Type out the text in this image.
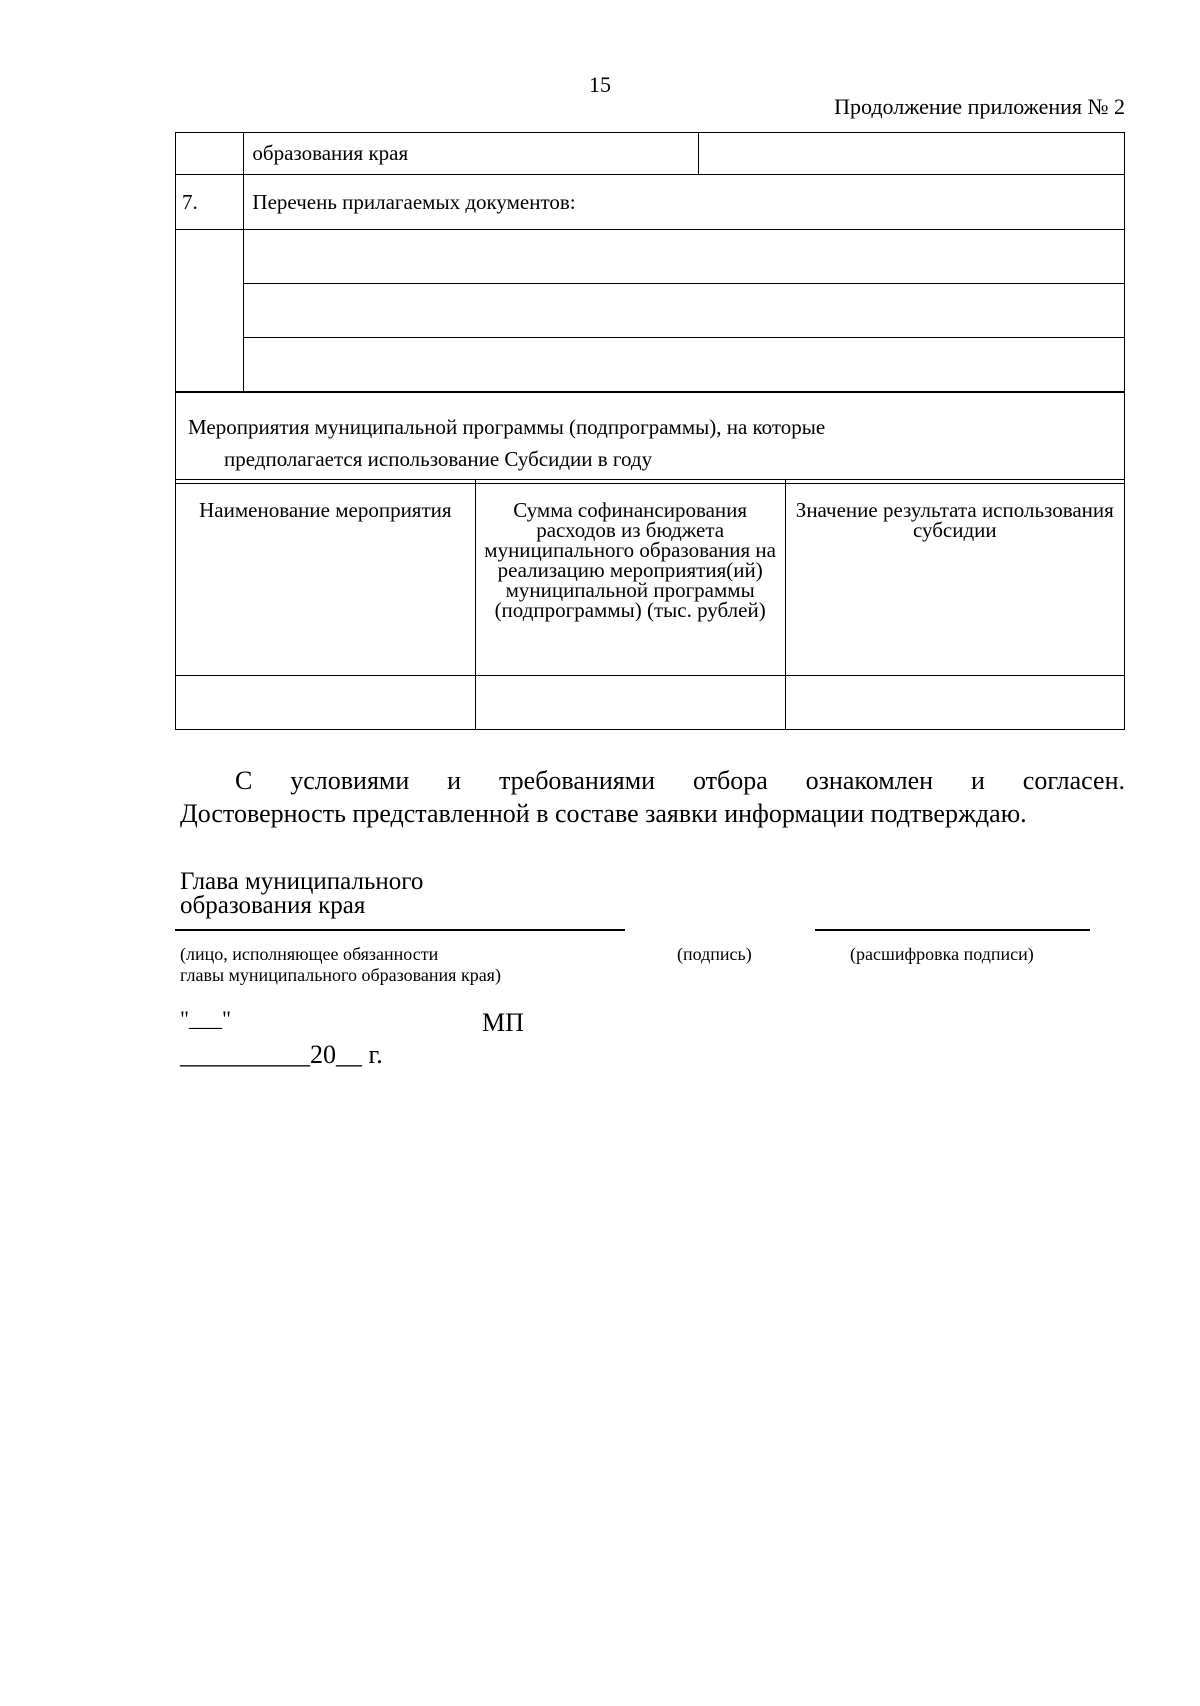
15
Продолжение приложения № 2
	образования края	
7.	Перечень прилагаемых документов:	

Мероприятия муниципальной программы (подпрограммы), на которые
предполагается использование Субсидии в году
Наименование мероприятия	Сумма софинансирования расходов из бюджета муниципального образования на реализацию мероприятия(ий) муниципальной программы (подпрограммы) (тыс. рублей)	Значение результата использования субсидии

С условиями и требованиями отбора ознакомлен и согласен.
Достоверность представленной в составе заявки информации подтверждаю.
Глава муниципального
образования края
(лицо, исполняющее обязанности
главы муниципального образования края)
(подпись)	(расшифровка подписи)
"___"	МП
__________20__ г.
